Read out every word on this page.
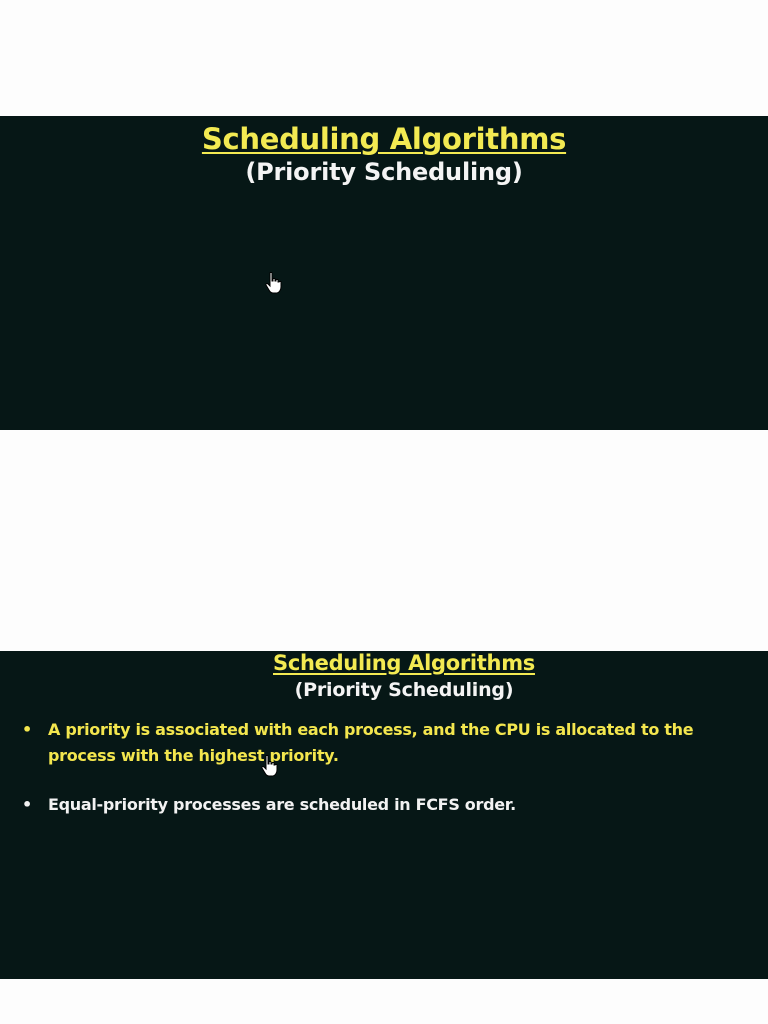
Scheduling Algorithms
(Priority Scheduling)
Scheduling Algorithms
(Priority Scheduling)
•	A priority is associated with each process, and the CPU is allocated to the process with the highest priority.
•	Equal-priority processes are scheduled in FCFS order.
